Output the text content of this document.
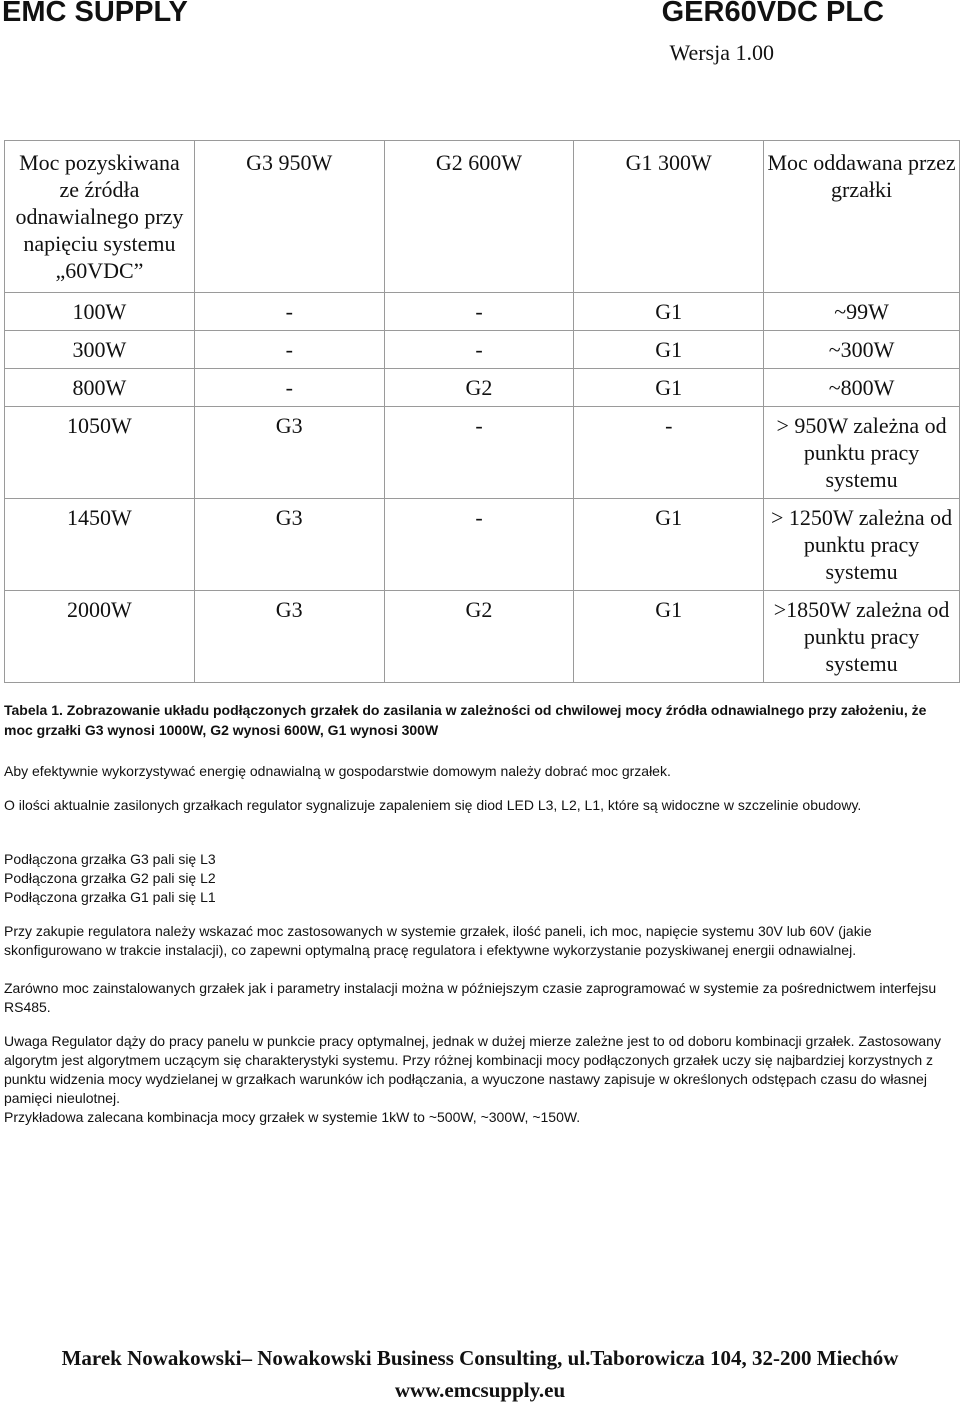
EMC SUPPLY	GER60VDC PLC
Wersja 1.00
Moc pozyskiwana ze źródła odnawialnego przy napięciu systemu „60VDC”	G3 950W	G2 600W	G1 300W	Moc oddawana przez grzałki
100W	-	-	G1	~99W
300W	-	-	G1	~300W
800W	-	G2	G1	~800W
1050W	G3	-	-	> 950W zależna od punktu pracy systemu
1450W	G3	-	G1	> 1250W zależna od punktu pracy systemu
2000W	G3	G2	G1	>1850W zależna od punktu pracy systemu
Tabela 1. Zobrazowanie układu podłączonych grzałek do zasilania w zależności od chwilowej mocy źródła odnawialnego przy założeniu, że moc grzałki G3 wynosi 1000W, G2 wynosi 600W, G1 wynosi 300W
Aby efektywnie wykorzystywać energię odnawialną w gospodarstwie domowym należy dobrać moc grzałek.
O ilości aktualnie zasilonych grzałkach regulator sygnalizuje zapaleniem się diod LED L3, L2, L1, które są widoczne w szczelinie obudowy.
Podłączona grzałka G3 pali się L3
Podłączona grzałka G2 pali się L2
Podłączona grzałka G1 pali się L1
Przy zakupie regulatora należy wskazać moc zastosowanych w systemie grzałek, ilość paneli, ich moc, napięcie systemu 30V lub 60V (jakie skonfigurowano w trakcie instalacji), co zapewni optymalną pracę regulatora i efektywne wykorzystanie pozyskiwanej energii odnawialnej.
Zarówno moc zainstalowanych grzałek jak i parametry instalacji można w późniejszym czasie zaprogramować w systemie za pośrednictwem interfejsu RS485.
Uwaga Regulator dąży do pracy panelu w punkcie pracy optymalnej, jednak w dużej mierze zależne jest to od doboru kombinacji grzałek. Zastosowany algorytm jest algorytmem uczącym się charakterystyki systemu. Przy różnej kombinacji mocy podłączonych grzałek uczy się najbardziej korzystnych z punktu widzenia mocy wydzielanej w grzałkach warunków ich podłączania, a wyuczone nastawy zapisuje w określonych odstępach czasu do własnej pamięci nieulotnej.
Przykładowa zalecana kombinacja mocy grzałek w systemie 1kW to ~500W, ~300W, ~150W.
Marek Nowakowski– Nowakowski Business Consulting, ul.Taborowicza 104, 32-200 Miechów
www.emcsupply.eu
